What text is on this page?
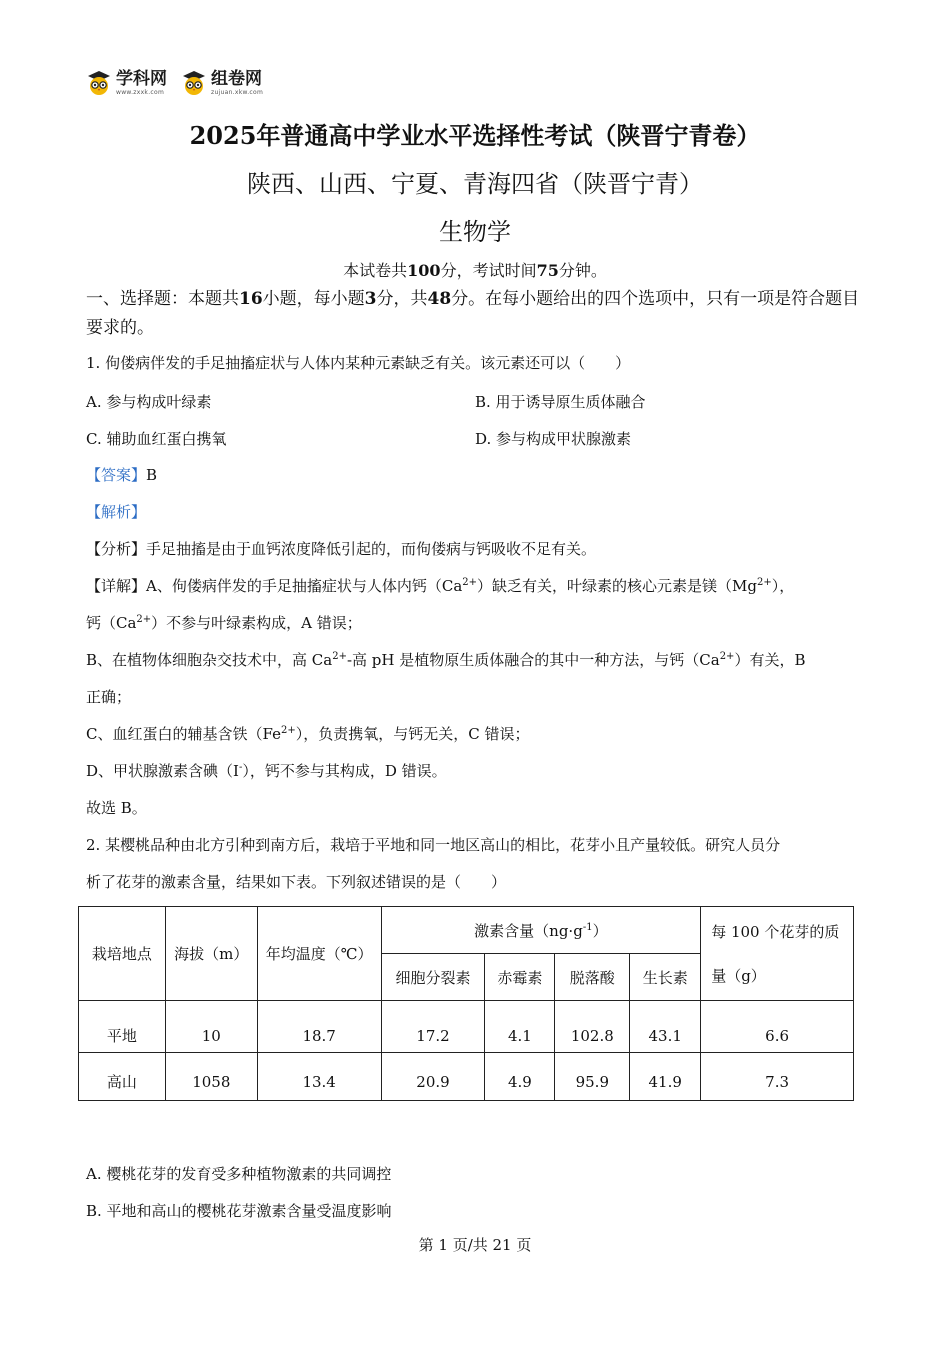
学科网
www.zxxk.com
组卷网
zujuan.xkw.com
2025年普通高中学业水平选择性考试（陕晋宁青卷）
陕西、山西、宁夏、青海四省（陕晋宁青）
生物学
本试卷共100分，考试时间75分钟。
一、选择题：本题共16小题，每小题3分，共48分。在每小题给出的四个选项中，只有一项是符合题目要求的。
1. 佝偻病伴发的手足抽搐症状与人体内某种元素缺乏有关。该元素还可以（　　）
A. 参与构成叶绿素	B. 用于诱导原生质体融合
C. 辅助血红蛋白携氧	D. 参与构成甲状腺激素
【答案】B
【解析】
【分析】手足抽搐是由于血钙浓度降低引起的，而佝偻病与钙吸收不足有关。
【详解】A、佝偻病伴发的手足抽搐症状与人体内钙$(Ca^{2+})$缺乏有关，叶绿素的核心元素是镁$(Mg^{2+})$，
钙$(Ca^{2+})$不参与叶绿素构成，A 错误；
B、在植物体细胞杂交技术中，高 $Ca^{2+}-$高 pH 是植物原生质体融合的其中一种方法，与钙$(Ca^{2+})$有关，B
正确；
C、血红蛋白的辅基含铁$(Fe^{2+})$，负责携氧，与钙无关，C 错误；
D、甲状腺激素含碘（I-），钙不参与其构成，D 错误。
故选 B。
2. 某樱桃品种由北方引种到南方后，栽培于平地和同一地区高山的相比，花芽小且产量较低。研究人员分
析了花芽的激素含量，结果如下表。下列叙述错误的是（　　）
栽培地点	海拔（m）	年均温度（℃）	激素含量$(ng\cdot g^{-1})$				每 100 个花芽的质
量（g）

			细胞分裂素	赤霉素	脱落酸	生长素	
平地	10	18.7	17.2	4.1	102.8	43.1	6.6
高山	1058	13.4	20.9	4.9	95.9	41.9	7.3
A. 樱桃花芽的发育受多种植物激素的共同调控
B. 平地和高山的樱桃花芽激素含量受温度影响
第 1 页/共 21 页
